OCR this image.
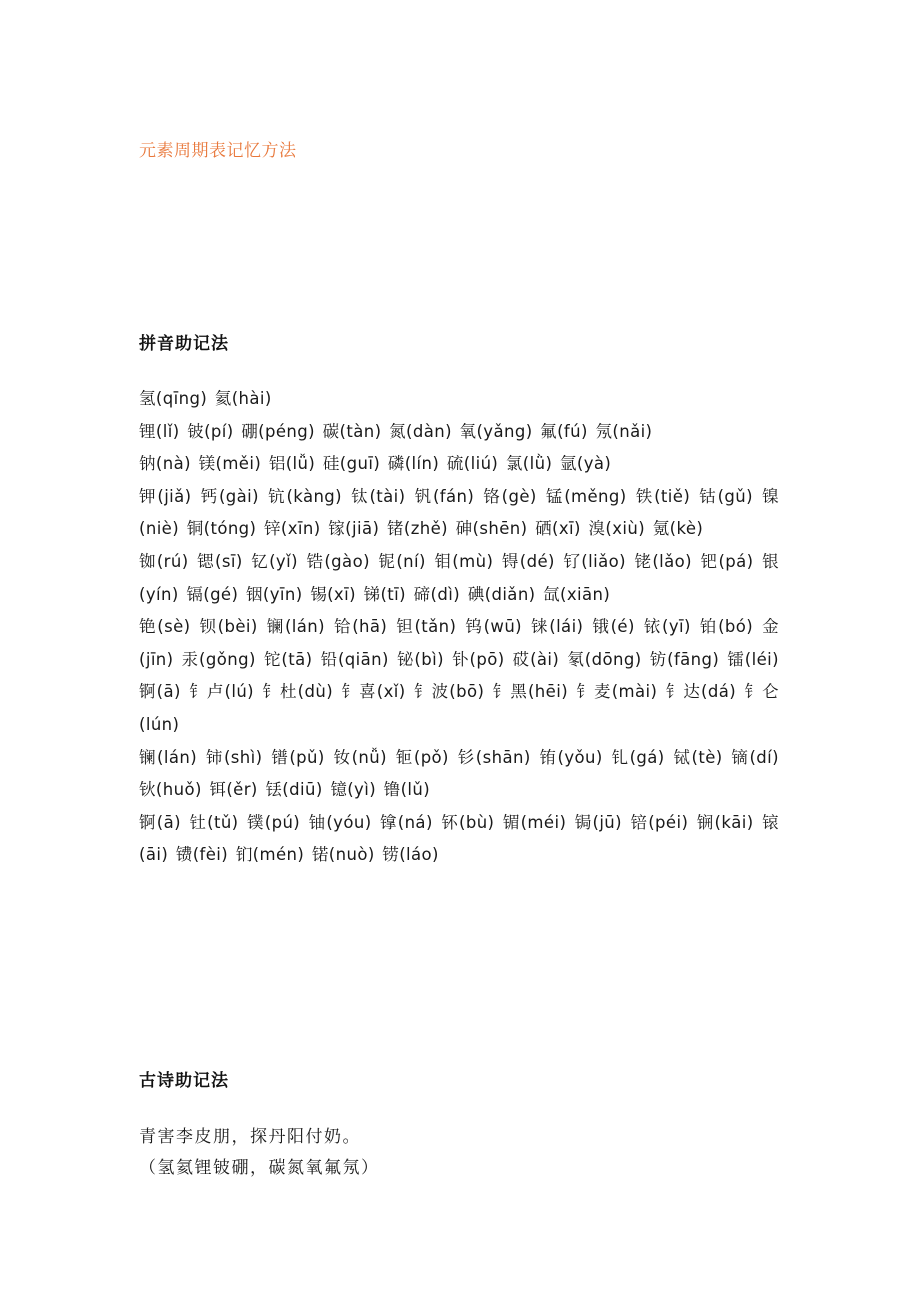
元素周期表记忆方法
拼音助记法
氢(qīng) 氦(hài)
锂(lǐ) 铍(pí) 硼(péng) 碳(tàn) 氮(dàn) 氧(yǎng) 氟(fú) 氖(nǎi)
钠(nà) 镁(měi) 铝(lǚ) 硅(guī) 磷(lín) 硫(liú) 氯(lǜ) 氩(yà)
钾(jiǎ) 钙(gài) 钪(kàng) 钛(tài) 钒(fán) 铬(gè) 锰(měng) 铁(tiě) 钴(gǔ) 镍(niè) 铜(tóng) 锌(xīn) 镓(jiā) 锗(zhě) 砷(shēn) 硒(xī) 溴(xiù) 氪(kè)
铷(rú) 锶(sī) 钇(yǐ) 锆(gào) 铌(ní) 钼(mù) 锝(dé) 钌(liǎo) 铑(lǎo) 钯(pá) 银(yín) 镉(gé) 铟(yīn) 锡(xī) 锑(tī) 碲(dì) 碘(diǎn) 氙(xiān)
铯(sè) 钡(bèi) 镧(lán) 铪(hā) 钽(tǎn) 钨(wū) 铼(lái) 锇(é) 铱(yī) 铂(bó) 金(jīn) 汞(gǒng) 铊(tā) 铅(qiān) 铋(bì) 钋(pō) 砹(ài) 氡(dōng) 钫(fāng) 镭(léi) 锕(ā) 钅卢(lú) 钅杜(dù) 钅喜(xǐ) 钅波(bō) 钅黑(hēi) 钅麦(mài) 钅达(dá) 钅仑(lún)
镧(lán) 铈(shì) 镨(pǔ) 钕(nǚ) 钷(pǒ) 钐(shān) 铕(yǒu) 钆(gá) 铽(tè) 镝(dí) 钬(huǒ) 铒(ěr) 铥(diū) 镱(yì) 镥(lǔ)
锕(ā) 钍(tǔ) 镤(pú) 铀(yóu) 镎(ná) 钚(bù) 镅(méi) 锔(jū) 锫(péi) 锎(kāi) 锿(āi) 镄(fèi) 钔(mén) 锘(nuò) 铹(láo)
古诗助记法
青害李皮朋，探丹阳付奶。
（氢氦锂铍硼，碳氮氧氟氖）
